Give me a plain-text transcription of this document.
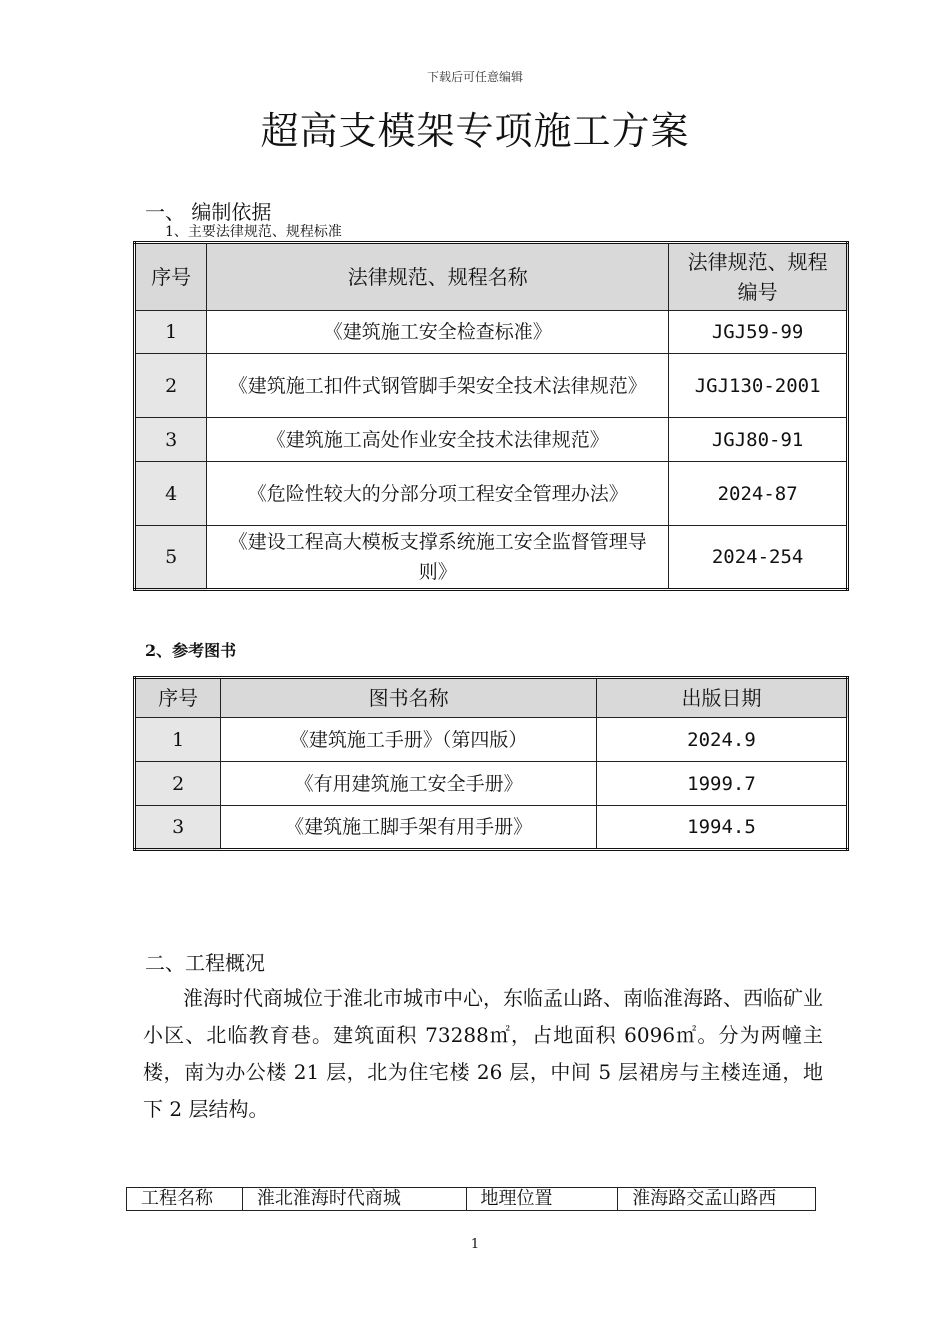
下载后可任意编辑
超高支模架专项施工方案
一、 编制依据
1、主要法律规范、规程标准
序号	法律规范、规程名称	法律规范、规程编号
1	《建筑施工安全检查标准》	JGJ59-99
2	《建筑施工扣件式钢管脚手架安全技术法律规范》	JGJ130-2001
3	《建筑施工高处作业安全技术法律规范》	JGJ80-91
4	《危险性较大的分部分项工程安全管理办法》	2024-87
5	《建设工程高大模板支撑系统施工安全监督管理导则》	2024-254
2、参考图书
序号	图书名称	出版日期
1	《建筑施工手册》（第四版）	2024.9
2	《有用建筑施工安全手册》	1999.7
3	《建筑施工脚手架有用手册》	1994.5
二、工程概况
淮海时代商城位于淮北市城市中心，东临孟山路、南临淮海路、西临矿业小区、北临教育巷。建筑面积 73288㎡，占地面积 6096㎡。分为两幢主楼，南为办公楼 21 层，北为住宅楼 26 层，中间 5 层裙房与主楼连通，地下 2 层结构。
工程名称	淮北淮海时代商城	地理位置	淮海路交孟山路西
1
